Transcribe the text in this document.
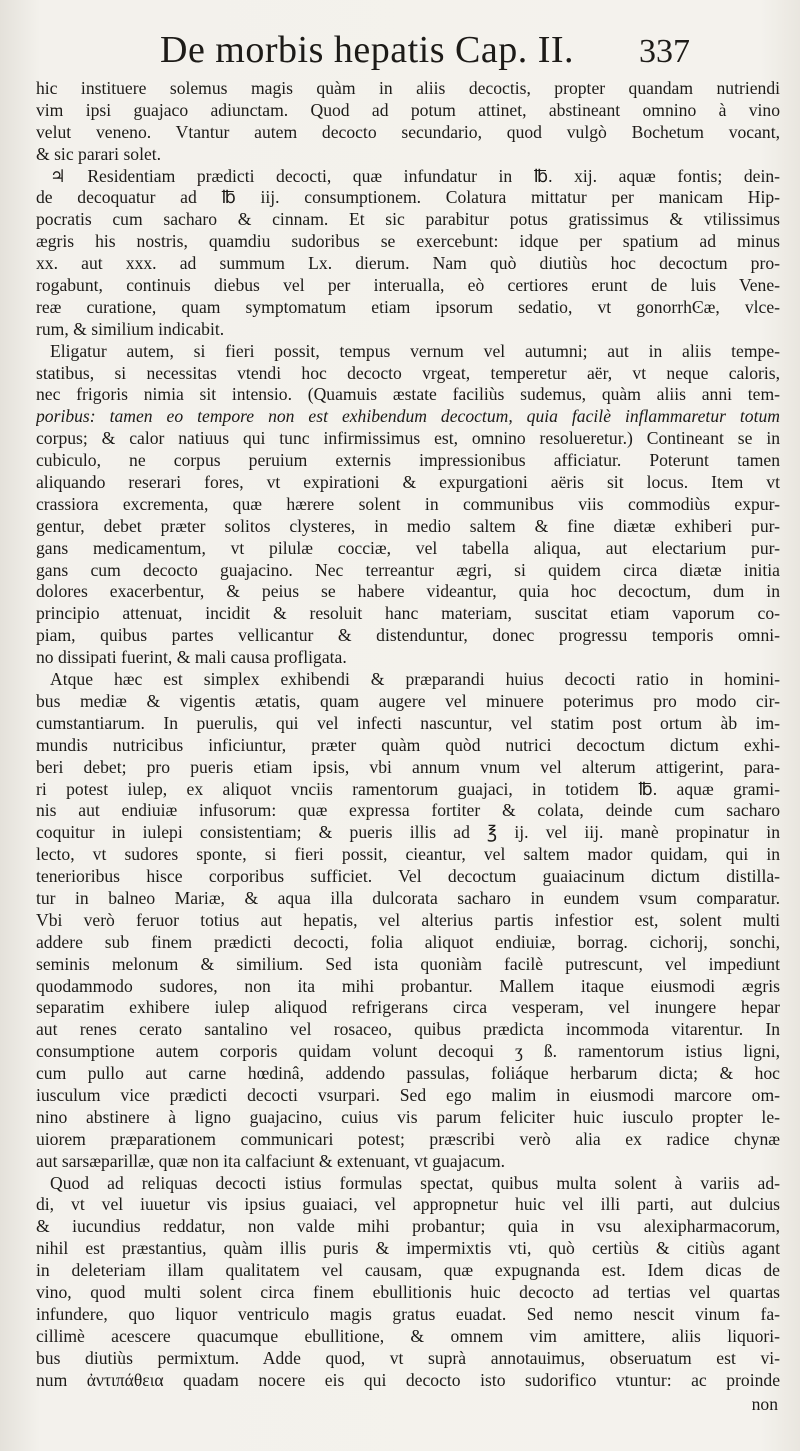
De morbis hepatis Cap. II. 337
hic instituere solemus magis quàm in aliis decoctis, propter quandam nutriendi
vim ipsi guajaco adiunctam. Quod ad potum attinet, abstineant omnino à vino
velut veneno. Vtantur autem decocto secundario, quod vulgò Bochetum vocant,
& sic parari solet.
♃ Residentiam prædicti decocti, quæ infundatur in ℔. xij. aquæ fontis; dein-
de decoquatur ad ℔ iij. consumptionem. Colatura mittatur per manicam Hip-
pocratis cum sacharo & cinnam. Et sic parabitur potus gratissimus & vtilissimus
ægris his nostris, quamdiu sudoribus se exercebunt: idque per spatium ad minus
xx. aut xxx. ad summum Lx. dierum. Nam quò diutiùs hoc decoctum pro-
rogabunt, continuis diebus vel per interualla, eò certiores erunt de luis Vene-
reæ curatione, quam symptomatum etiam ipsorum sedatio, vt gonorrhϾæ, vlce-
rum, & similium indicabit.
Eligatur autem, si fieri possit, tempus vernum vel autumni; aut in aliis tempe-
statibus, si necessitas vtendi hoc decocto vrgeat, temperetur aër, vt neque caloris,
nec frigoris nimia sit intensio. (Quamuis æstate faciliùs sudemus, quàm aliis anni tem-
poribus: tamen eo tempore non est exhibendum decoctum, quia facilè inflammaretur totum
corpus; & calor natiuus qui tunc infirmissimus est, omnino resolueretur.) Contineant se in
cubiculo, ne corpus peruium externis impressionibus afficiatur. Poterunt tamen
aliquando reserari fores, vt expirationi & expurgationi aëris sit locus. Item vt
crassiora excrementa, quæ hærere solent in communibus viis commodiùs expur-
gentur, debet præter solitos clysteres, in medio saltem & fine diætæ exhiberi pur-
gans medicamentum, vt pilulæ cocciæ, vel tabella aliqua, aut electarium pur-
gans cum decocto guajacino. Nec terreantur ægri, si quidem circa diætæ initia
dolores exacerbentur, & peius se habere videantur, quia hoc decoctum, dum in
principio attenuat, incidit & resoluit hanc materiam, suscitat etiam vaporum co-
piam, quibus partes vellicantur & distenduntur, donec progressu temporis omni-
no dissipati fuerint, & mali causa profligata.
Atque hæc est simplex exhibendi & præparandi huius decocti ratio in homini-
bus mediæ & vigentis ætatis, quam augere vel minuere poterimus pro modo cir-
cumstantiarum. In puerulis, qui vel infecti nascuntur, vel statim post ortum àb im-
mundis nutricibus inficiuntur, præter quàm quòd nutrici decoctum dictum exhi-
beri debet; pro pueris etiam ipsis, vbi annum vnum vel alterum attigerint, para-
ri potest iulep, ex aliquot vnciis ramentorum guajaci, in totidem ℔. aquæ grami-
nis aut endiuiæ infusorum: quæ expressa fortiter & colata, deinde cum sacharo
coquitur in iulepi consistentiam; & pueris illis ad ℥ ij. vel iij. manè propinatur in
lecto, vt sudores sponte, si fieri possit, cieantur, vel saltem mador quidam, qui in
tenerioribus hisce corporibus sufficiet. Vel decoctum guaiacinum dictum distilla-
tur in balneo Mariæ, & aqua illa dulcorata sacharo in eundem vsum comparatur.
Vbi verò feruor totius aut hepatis, vel alterius partis infestior est, solent multi
addere sub finem prædicti decocti, folia aliquot endiuiæ, borrag. cichorij, sonchi,
seminis melonum & similium. Sed ista quoniàm facilè putrescunt, vel impediunt
quodammodo sudores, non ita mihi probantur. Mallem itaque eiusmodi ægris
separatim exhibere iulep aliquod refrigerans circa vesperam, vel inungere hepar
aut renes cerato santalino vel rosaceo, quibus prædicta incommoda vitarentur. In
consumptione autem corporis quidam volunt decoqui ʒ ß. ramentorum istius ligni,
cum pullo aut carne hœdinâ, addendo passulas, foliáque herbarum dicta; & hoc
iusculum vice prædicti decocti vsurpari. Sed ego malim in eiusmodi marcore om-
nino abstinere à ligno guajacino, cuius vis parum feliciter huic iusculo propter le-
uiorem præparationem communicari potest; præscribi verò alia ex radice chynæ
aut sarsæparillæ, quæ non ita calfaciunt & extenuant, vt guajacum.
Quod ad reliquas decocti istius formulas spectat, quibus multa solent à variis ad-
di, vt vel iuuetur vis ipsius guaiaci, vel appropnetur huic vel illi parti, aut dulcius
& iucundius reddatur, non valde mihi probantur; quia in vsu alexipharmacorum,
nihil est præstantius, quàm illis puris & impermixtis vti, quò certiùs & citiùs agant
in deleteriam illam qualitatem vel causam, quæ expugnanda est. Idem dicas de
vino, quod multi solent circa finem ebullitionis huic decocto ad tertias vel quartas
infundere, quo liquor ventriculo magis gratus euadat. Sed nemo nescit vinum fa-
cillimè acescere quacumque ebullitione, & omnem vim amittere, aliis liquori-
bus diutiùs permixtum. Adde quod, vt suprà annotauimus, obseruatum est vi-
num ἀντιπάθεια quadam nocere eis qui decocto isto sudorifico vtuntur: ac proinde
non
